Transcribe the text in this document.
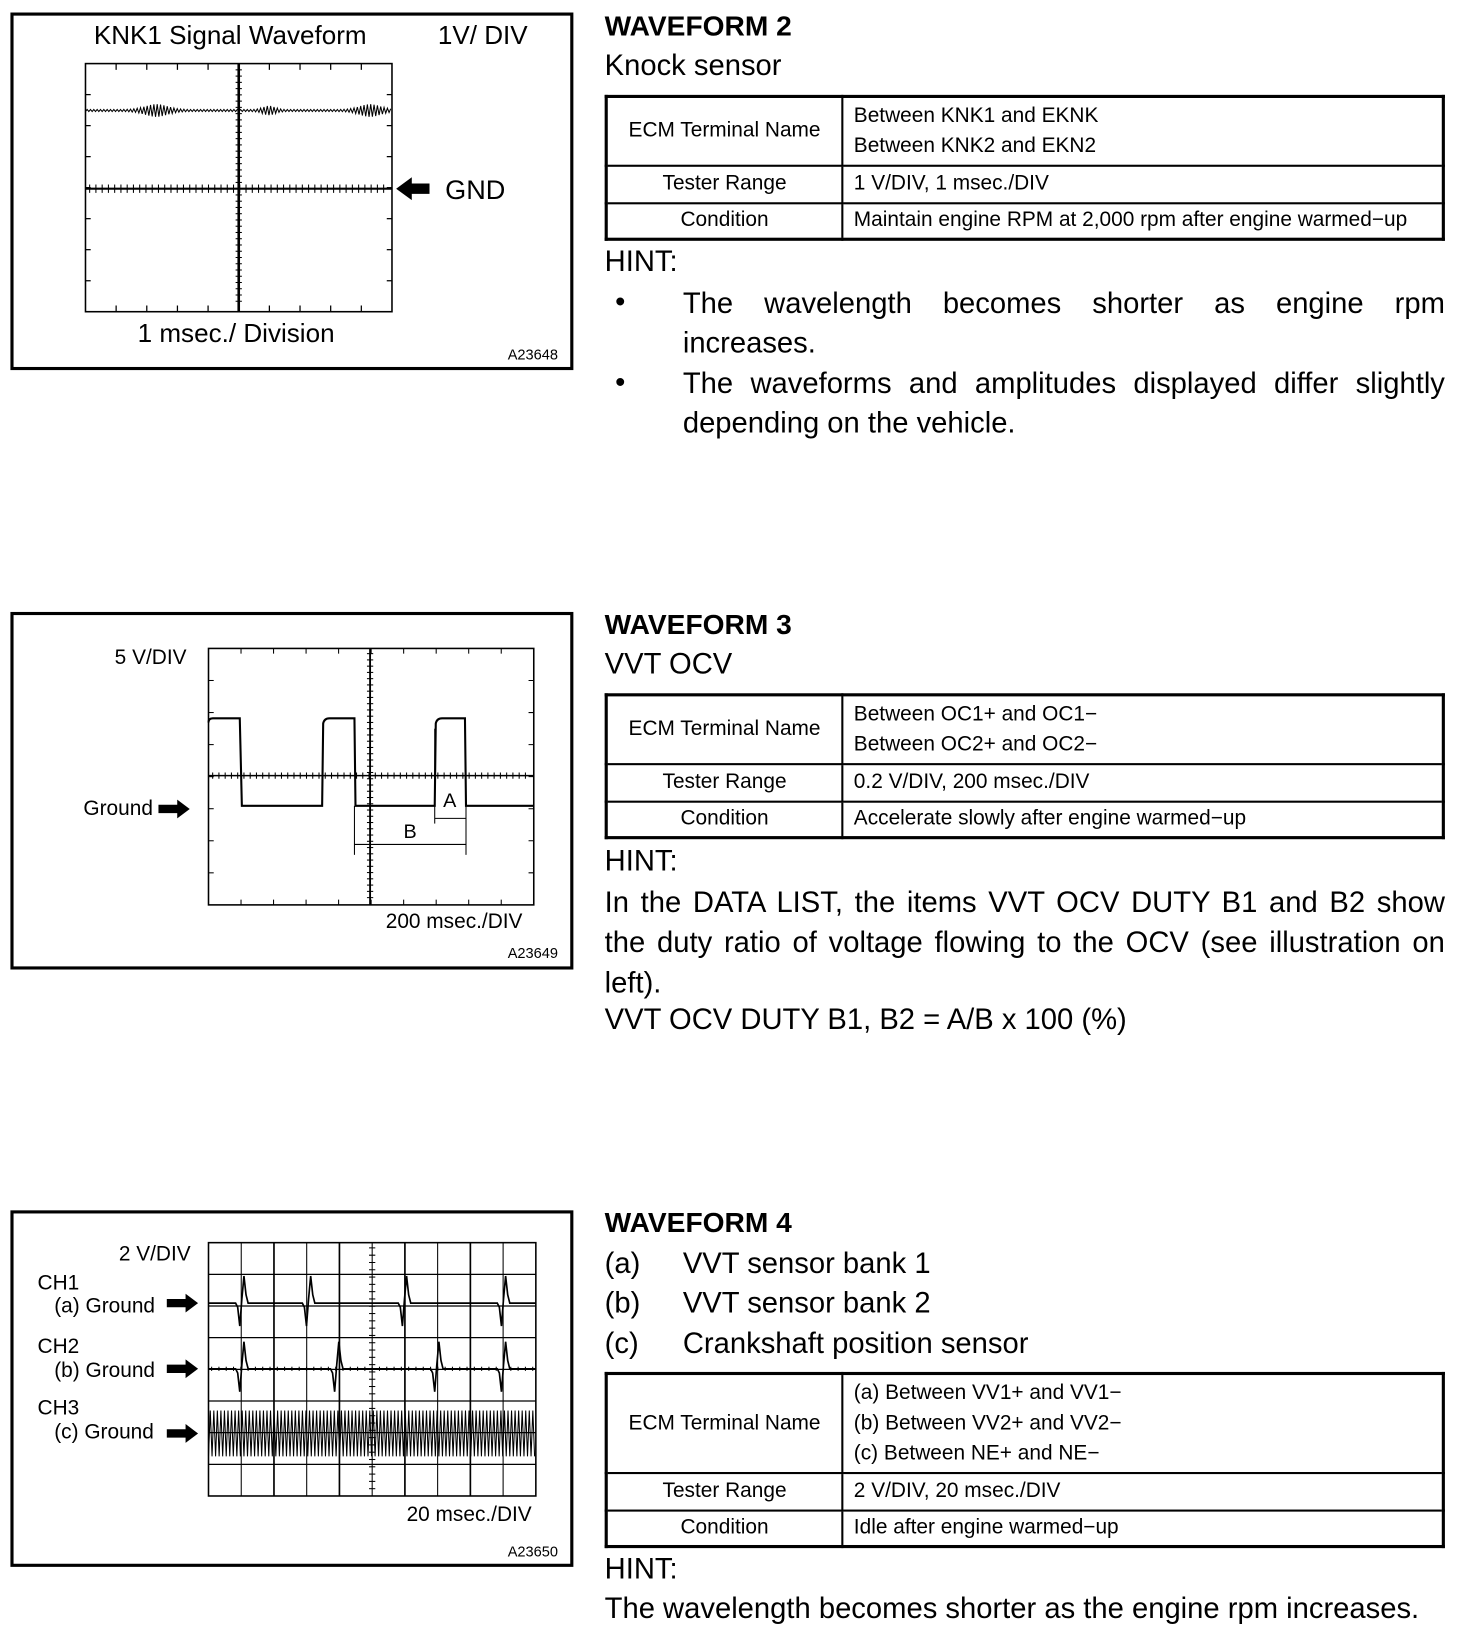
KNK1 Signal Waveform	1V/ DIV
GND
1 msec./ Division
A23648
WAVEFORM 2
Knock sensor
ECM Terminal Name	Between KNK1 and EKNK
Between KNK2 and EKN2

Tester Range	1 V/DIV, 1 msec./DIV
Condition	Maintain engine RPM at 2,000 rpm after engine warmed−up
HINT:
• The wavelength becomes shorter as engine rpm increases.
• The waveforms and amplitudes displayed differ slightly depending on the vehicle.
5 V/DIV
Ground
200 msec./DIV
A23649
A
B
WAVEFORM 3
VVT OCV
ECM Terminal Name	Between OC1+ and OC1−
Between OC2+ and OC2−

Tester Range	0.2 V/DIV, 200 msec./DIV
Condition	Accelerate slowly after engine warmed−up
HINT:
In the DATA LIST, the items VVT OCV DUTY B1 and B2 show the duty ratio of voltage flowing to the OCV (see illustration on left).
VVT OCV DUTY B1, B2 = A/B x 100 (%)
2 V/DIV
CH1
(a) Ground
CH2
(b) Ground
CH3
(c) Ground
20 msec./DIV
A23650
WAVEFORM 4
(a) VVT sensor bank 1
(b) VVT sensor bank 2
(c) Crankshaft position sensor
ECM Terminal Name	(a) Between VV1+ and VV1−
(b) Between VV2+ and VV2−
(c) Between NE+ and NE−

Tester Range	2 V/DIV, 20 msec./DIV
Condition	Idle after engine warmed−up
HINT:
The wavelength becomes shorter as the engine rpm increases.
